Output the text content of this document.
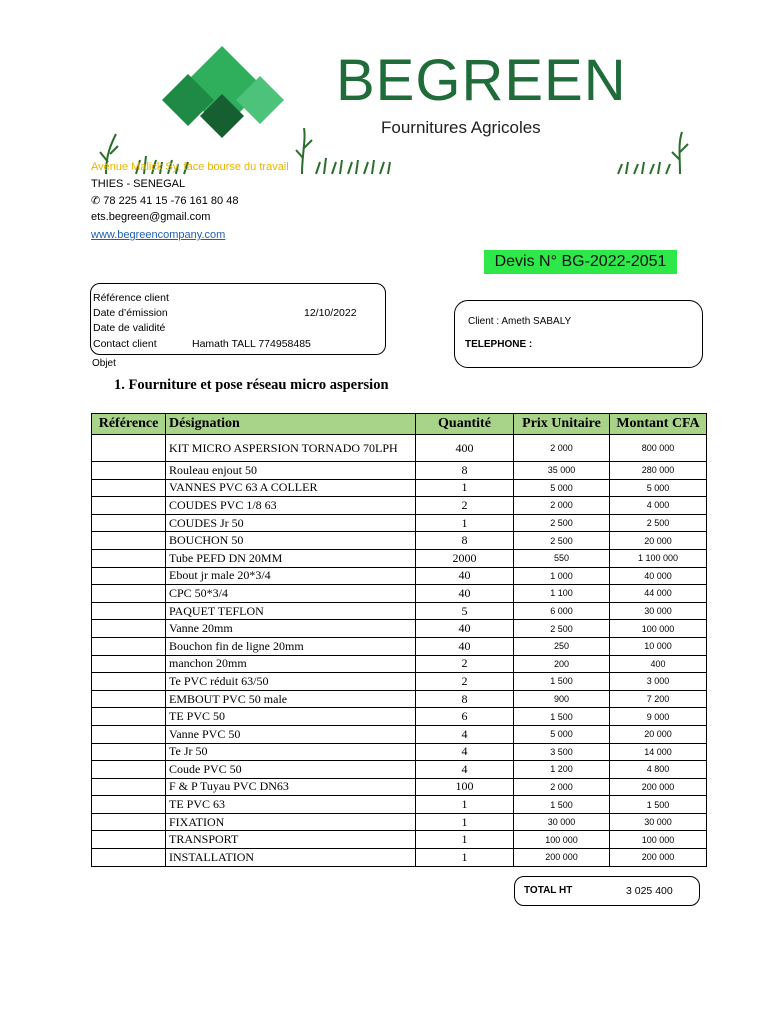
BEGREEN
Fournitures Agricoles
Avenue Malick Sy, face bourse du travail
THIES - SENEGAL
✆ 78 225 41 15 -76 161 80 48
ets.begreen@gmail.com
www.begreencompany.com
Devis N° BG-2022-2051
Référence client
Date d’émission	12/10/2022
Date de validité
Contact client	Hamath TALL 774958485
Client : Ameth SABALY
TELEPHONE :
Objet
1. Fourniture et pose réseau micro aspersion
Référence	Désignation	Quantité	Prix Unitaire	Montant CFA
	KIT MICRO ASPERSION TORNADO 70LPH	400	2 000	800 000
	Rouleau enjout 50	8	35 000	280 000
	VANNES PVC 63 A COLLER	1	5 000	5 000
	COUDES PVC 1/8 63	2	2 000	4 000
	COUDES Jr 50	1	2 500	2 500
	BOUCHON 50	8	2 500	20 000
	Tube PEFD DN 20MM	2000	550	1 100 000
	Ebout jr male 20*3/4	40	1 000	40 000
	CPC 50*3/4	40	1 100	44 000
	PAQUET TEFLON	5	6 000	30 000
	Vanne 20mm	40	2 500	100 000
	Bouchon fin de ligne 20mm	40	250	10 000
	manchon 20mm	2	200	400
	Te PVC réduit 63/50	2	1 500	3 000
	EMBOUT PVC 50 male	8	900	7 200
	TE PVC 50	6	1 500	9 000
	Vanne PVC 50	4	5 000	20 000
	Te Jr 50	4	3 500	14 000
	Coude PVC 50	4	1 200	4 800
	F & P Tuyau PVC DN63	100	2 000	200 000
	TE PVC 63	1	1 500	1 500
	FIXATION	1	30 000	30 000
	TRANSPORT	1	100 000	100 000
	INSTALLATION	1	200 000	200 000
TOTAL HT	3 025 400
